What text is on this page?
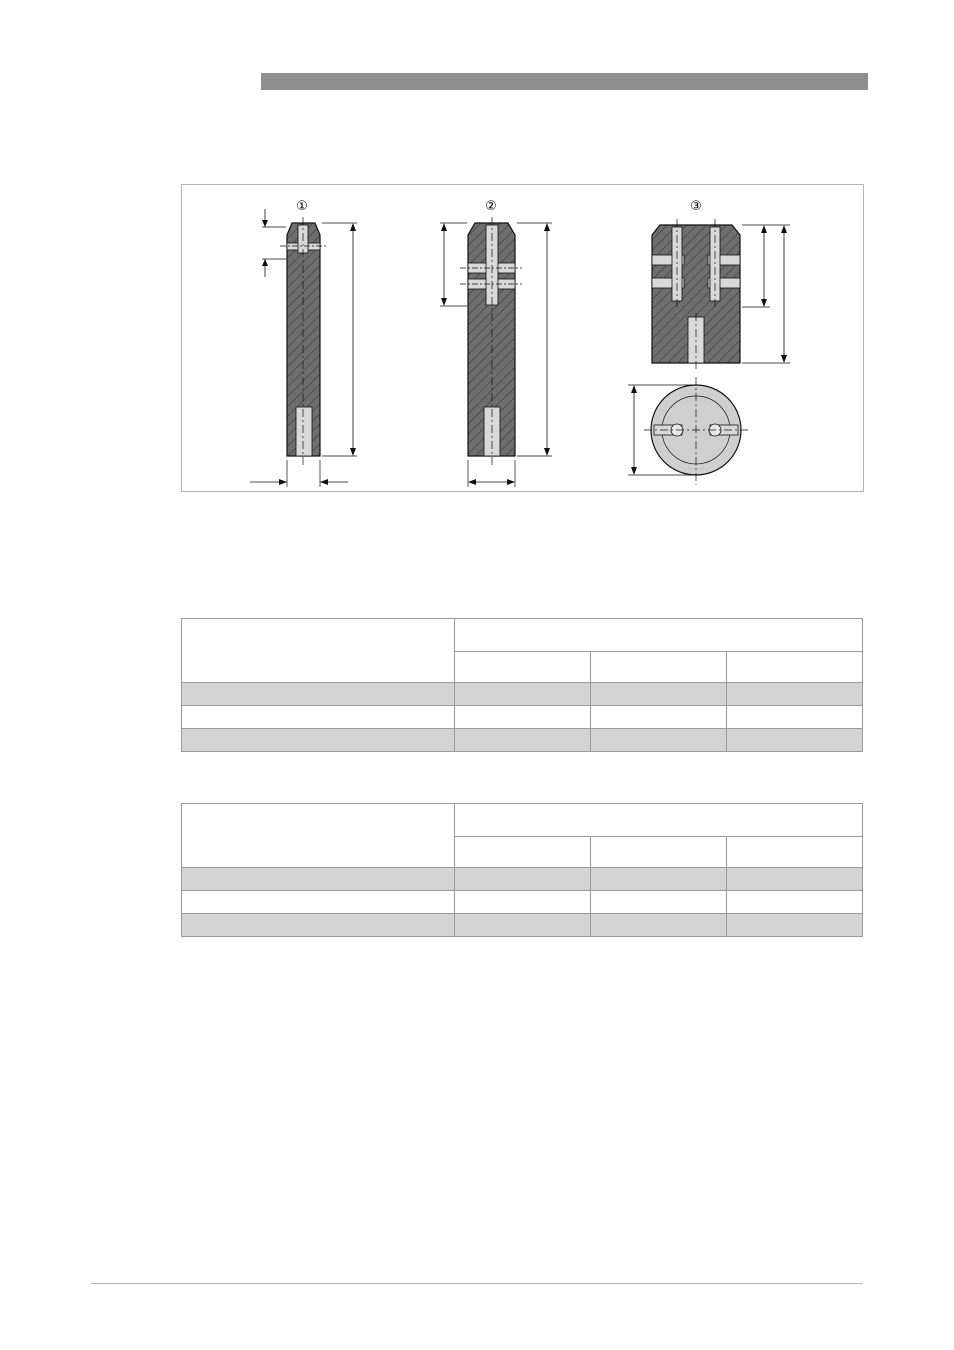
①	②	③
